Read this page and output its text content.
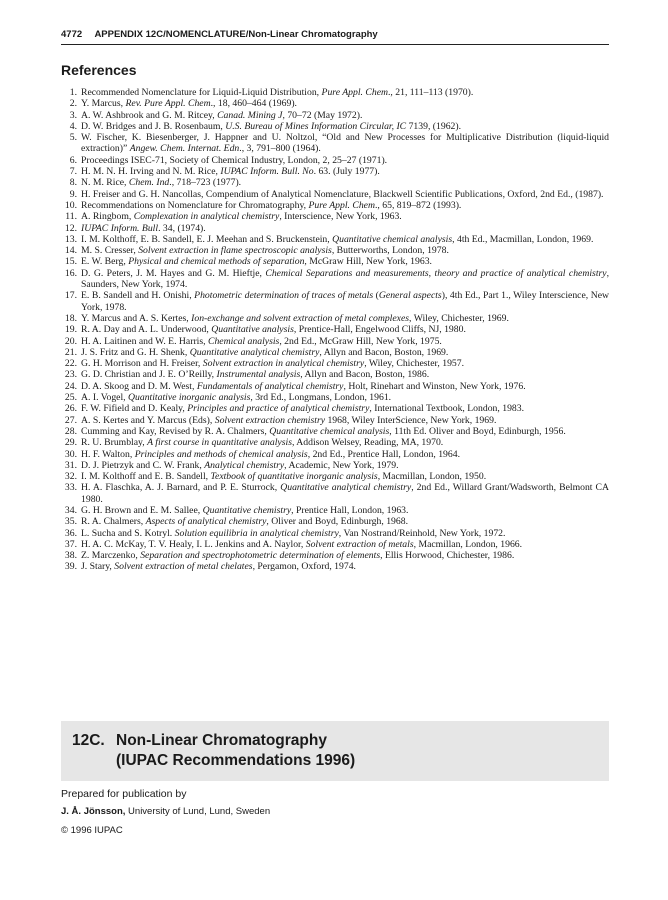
4772 APPENDIX 12C/NOMENCLATURE/Non-Linear Chromatography
References
1. Recommended Nomenclature for Liquid-Liquid Distribution, Pure Appl. Chem., 21, 111–113 (1970).
2. Y. Marcus, Rev. Pure Appl. Chem., 18, 460–464 (1969).
3. A. W. Ashbrook and G. M. Ritcey, Canad. Mining J, 70–72 (May 1972).
4. D. W. Bridges and J. B. Rosenbaum, U.S. Bureau of Mines Information Circular, IC 7139, (1962).
5. W. Fischer, K. Biesenberger, J. Happner and U. Noltzol, “Old and New Processes for Multiplicative Distribution (liquid-liquid extraction)” Angew. Chem. Internat. Edn., 3, 791–800 (1964).
6. Proceedings ISEC-71, Society of Chemical Industry, London, 2, 25–27 (1971).
7. H. M. N. H. Irving and N. M. Rice, IUPAC Inform. Bull. No. 63. (July 1977).
8. N. M. Rice, Chem. Ind., 718–723 (1977).
9. H. Freiser and G. H. Nancollas, Compendium of Analytical Nomenclature, Blackwell Scientific Publications, Oxford, 2nd Ed., (1987).
10. Recommendations on Nomenclature for Chromatography, Pure Appl. Chem., 65, 819–872 (1993).
11. A. Ringbom, Complexation in analytical chemistry, Interscience, New York, 1963.
12. IUPAC Inform. Bull. 34, (1974).
13. I. M. Kolthoff, E. B. Sandell, E. J. Meehan and S. Bruckenstein, Quantitative chemical analysis, 4th Ed., Macmillan, London, 1969.
14. M. S. Cresser, Solvent extraction in flame spectroscopic analysis, Butterworths, London, 1978.
15. E. W. Berg, Physical and chemical methods of separation, McGraw Hill, New York, 1963.
16. D. G. Peters, J. M. Hayes and G. M. Hieftje, Chemical Separations and measurements, theory and practice of analytical chemistry, Saunders, New York, 1974.
17. E. B. Sandell and H. Onishi, Photometric determination of traces of metals (General aspects), 4th Ed., Part 1., Wiley Interscience, New York, 1978.
18. Y. Marcus and A. S. Kertes, Ion-exchange and solvent extraction of metal complexes, Wiley, Chichester, 1969.
19. R. A. Day and A. L. Underwood, Quantitative analysis, Prentice-Hall, Engelwood Cliffs, NJ, 1980.
20. H. A. Laitinen and W. E. Harris, Chemical analysis, 2nd Ed., McGraw Hill, New York, 1975.
21. J. S. Fritz and G. H. Shenk, Quantitative analytical chemistry, Allyn and Bacon, Boston, 1969.
22. G. H. Morrison and H. Freiser, Solvent extraction in analytical chemistry, Wiley, Chichester, 1957.
23. G. D. Christian and J. E. O’Reilly, Instrumental analysis, Allyn and Bacon, Boston, 1986.
24. D. A. Skoog and D. M. West, Fundamentals of analytical chemistry, Holt, Rinehart and Winston, New York, 1976.
25. A. I. Vogel, Quantitative inorganic analysis, 3rd Ed., Longmans, London, 1961.
26. F. W. Fifield and D. Kealy, Principles and practice of analytical chemistry, International Textbook, London, 1983.
27. A. S. Kertes and Y. Marcus (Eds), Solvent extraction chemistry 1968, Wiley InterScience, New York, 1969.
28. Cumming and Kay, Revised by R. A. Chalmers, Quantitative chemical analysis, 11th Ed. Oliver and Boyd, Edinburgh, 1956.
29. R. U. Brumblay, A first course in quantitative analysis, Addison Welsey, Reading, MA, 1970.
30. H. F. Walton, Principles and methods of chemical analysis, 2nd Ed., Prentice Hall, London, 1964.
31. D. J. Pietrzyk and C. W. Frank, Analytical chemistry, Academic, New York, 1979.
32. I. M. Kolthoff and E. B. Sandell, Textbook of quantitative inorganic analysis, Macmillan, London, 1950.
33. H. A. Flaschka, A. J. Barnard, and P. E. Sturrock, Quantitative analytical chemistry, 2nd Ed., Willard Grant/Wadsworth, Belmont CA 1980.
34. G. H. Brown and E. M. Sallee, Quantitative chemistry, Prentice Hall, London, 1963.
35. R. A. Chalmers, Aspects of analytical chemistry, Oliver and Boyd, Edinburgh, 1968.
36. L. Sucha and S. Kotryl. Solution equilibria in analytical chemistry, Van Nostrand/Reinhold, New York, 1972.
37. H. A. C. McKay, T. V. Healy, I. L. Jenkins and A. Naylor, Solvent extraction of metals, Macmillan, London, 1966.
38. Z. Marczenko, Separation and spectrophotometric determination of elements, Ellis Horwood, Chichester, 1986.
39. J. Stary, Solvent extraction of metal chelates, Pergamon, Oxford, 1974.
12C. Non-Linear Chromatography
(IUPAC Recommendations 1996)
Prepared for publication by
J. Å. Jönsson, University of Lund, Lund, Sweden
© 1996 IUPAC
